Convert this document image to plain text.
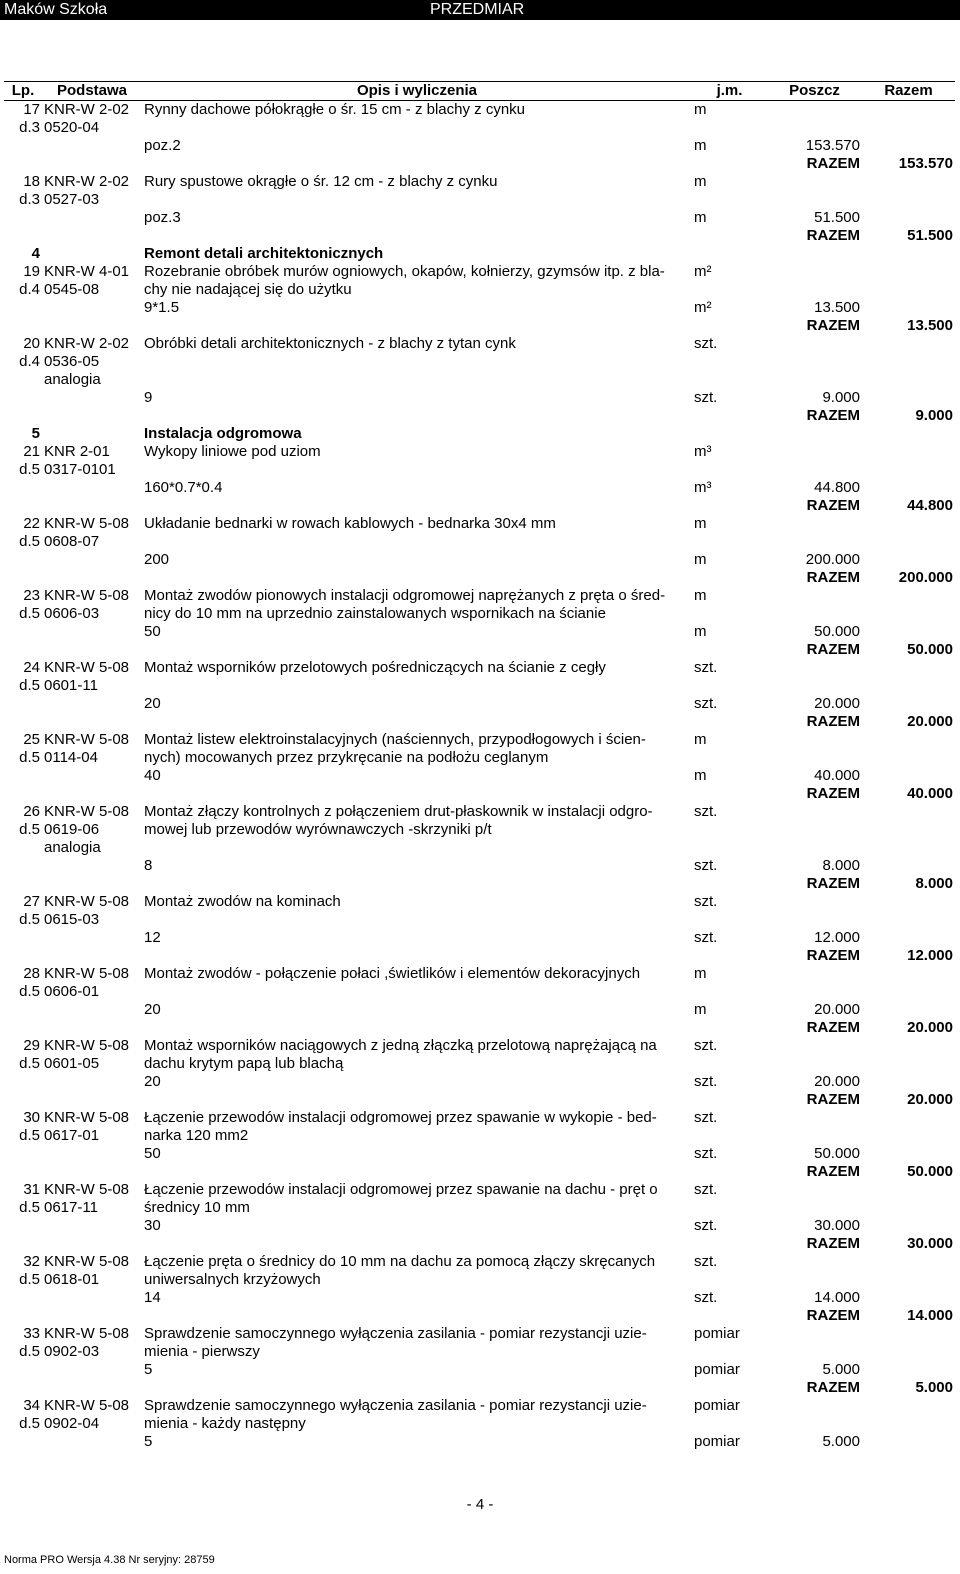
Maków Szkoła	PRZEDMIAR
Lp.	Podstawa	Opis i wyliczenia	j.m.	Poszcz	Razem
17	KNR-W 2-02	Rynny dachowe półokrągłe o śr. 15 cm - z blachy z cynku	m		
d.3	0520-04				
		poz.2	m	153.570	
				RAZEM	153.570
18	KNR-W 2-02	Rury spustowe okrągłe o śr. 12 cm - z blachy z cynku	m		
d.3	0527-03				
		poz.3	m	51.500	
				RAZEM	51.500
4		Remont detali architektonicznych			
19	KNR-W 4-01	Rozebranie obróbek murów ogniowych, okapów, kołnierzy, gzymsów itp. z bla-	m²		
d.4	0545-08	chy nie nadającej się do użytku			
		9*1.5	m²	13.500	
				RAZEM	13.500
20	KNR-W 2-02	Obróbki detali architektonicznych - z blachy z tytan cynk	szt.		
d.4	0536-05				
	analogia				
		9	szt.	9.000	
				RAZEM	9.000
5		Instalacja odgromowa			
21	KNR 2-01	Wykopy liniowe pod uziom	m³		
d.5	0317-0101				
		160*0.7*0.4	m³	44.800	
				RAZEM	44.800
22	KNR-W 5-08	Układanie bednarki w rowach kablowych - bednarka 30x4 mm	m		
d.5	0608-07				
		200	m	200.000	
				RAZEM	200.000
23	KNR-W 5-08	Montaż zwodów pionowych instalacji odgromowej naprężanych z pręta o śred-	m		
d.5	0606-03	nicy do 10 mm na uprzednio zainstalowanych wspornikach na ścianie			
		50	m	50.000	
				RAZEM	50.000
24	KNR-W 5-08	Montaż wsporników przelotowych pośredniczących na ścianie z cegły	szt.		
d.5	0601-11				
		20	szt.	20.000	
				RAZEM	20.000
25	KNR-W 5-08	Montaż listew elektroinstalacyjnych (naściennych, przypodłogowych i ścien-	m		
d.5	0114-04	nych) mocowanych przez przykręcanie na podłożu ceglanym			
		40	m	40.000	
				RAZEM	40.000
26	KNR-W 5-08	Montaż złączy kontrolnych z połączeniem drut-płaskownik w instalacji odgro-	szt.		
d.5	0619-06	mowej lub przewodów wyrównawczych -skrzyniki p/t			
	analogia				
		8	szt.	8.000	
				RAZEM	8.000
27	KNR-W 5-08	Montaż zwodów na kominach	szt.		
d.5	0615-03				
		12	szt.	12.000	
				RAZEM	12.000
28	KNR-W 5-08	Montaż zwodów - połączenie połaci ,świetlików i elementów dekoracyjnych	m		
d.5	0606-01				
		20	m	20.000	
				RAZEM	20.000
29	KNR-W 5-08	Montaż wsporników naciągowych z jedną złączką przelotową naprężającą na	szt.		
d.5	0601-05	dachu krytym papą lub blachą			
		20	szt.	20.000	
				RAZEM	20.000
30	KNR-W 5-08	Łączenie przewodów instalacji odgromowej przez spawanie w wykopie - bed-	szt.		
d.5	0617-01	narka 120 mm2			
		50	szt.	50.000	
				RAZEM	50.000
31	KNR-W 5-08	Łączenie przewodów instalacji odgromowej przez spawanie na dachu - pręt o	szt.		
d.5	0617-11	średnicy 10 mm			
		30	szt.	30.000	
				RAZEM	30.000
32	KNR-W 5-08	Łączenie pręta o średnicy do 10 mm na dachu za pomocą złączy skręcanych	szt.		
d.5	0618-01	uniwersalnych krzyżowych			
		14	szt.	14.000	
				RAZEM	14.000
33	KNR-W 5-08	Sprawdzenie samoczynnego wyłączenia zasilania - pomiar rezystancji uzie-	pomiar		
d.5	0902-03	mienia - pierwszy			
		5	pomiar	5.000	
				RAZEM	5.000
34	KNR-W 5-08	Sprawdzenie samoczynnego wyłączenia zasilania - pomiar rezystancji uzie-	pomiar		
d.5	0902-04	mienia - każdy następny			
		5	pomiar	5.000	
- 4 -
Norma PRO Wersja 4.38 Nr seryjny: 28759
